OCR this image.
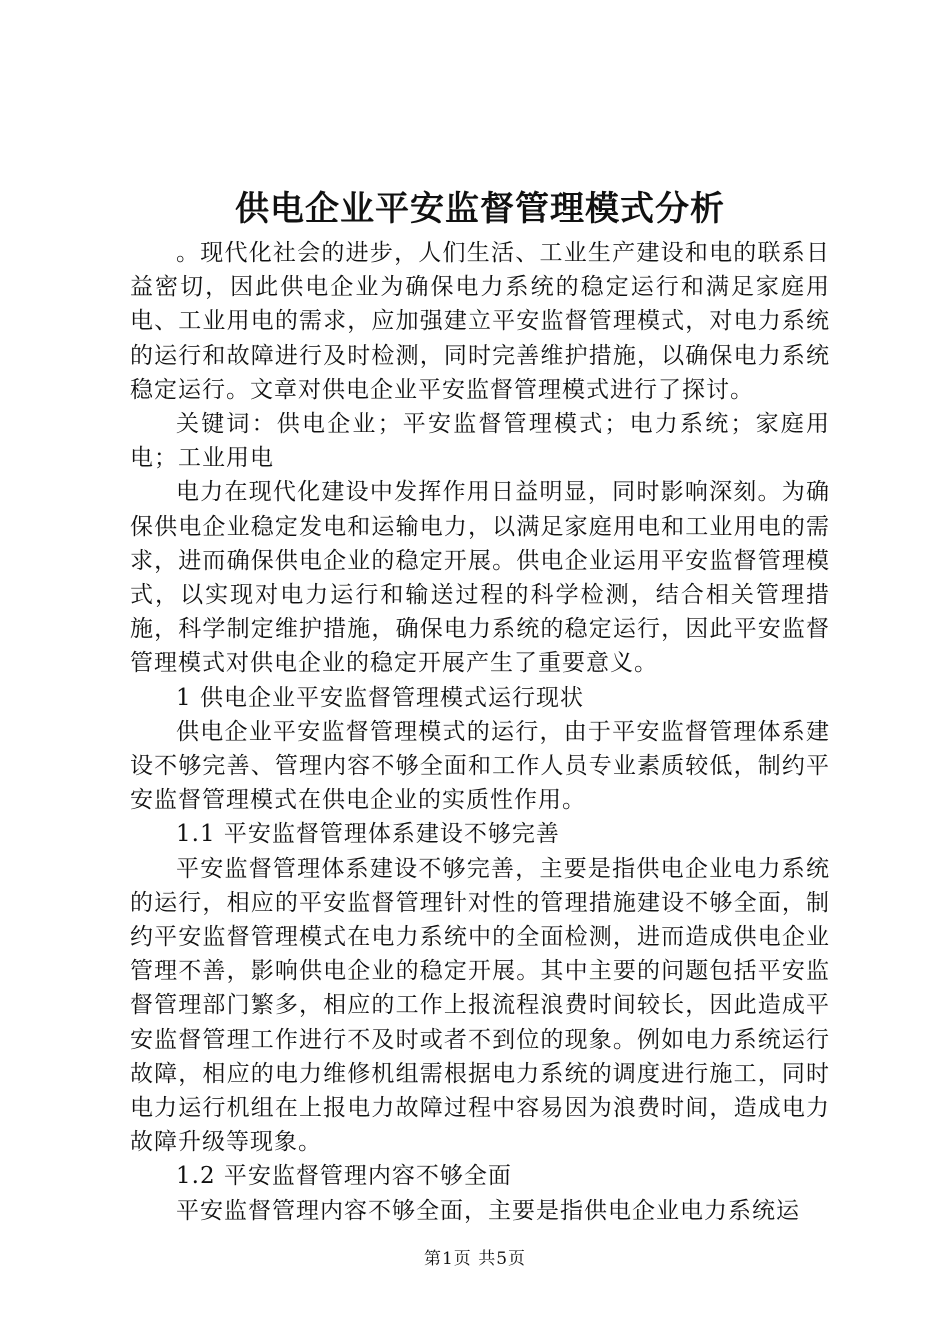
供电企业平安监督管理模式分析

。现代化社会的进步，人们生活、工业生产建设和电的联系日益密切，因此供电企业为确保电力系统的稳定运行和满足家庭用电、工业用电的需求，应加强建立平安监督管理模式，对电力系统的运行和故障进行及时检测，同时完善维护措施，以确保电力系统稳定运行。文章对供电企业平安监督管理模式进行了探讨。

关键词：供电企业；平安监督管理模式；电力系统；家庭用电；工业用电

电力在现代化建设中发挥作用日益明显，同时影响深刻。为确保供电企业稳定发电和运输电力，以满足家庭用电和工业用电的需求，进而确保供电企业的稳定开展。供电企业运用平安监督管理模式，以实现对电力运行和输送过程的科学检测，结合相关管理措施，科学制定维护措施，确保电力系统的稳定运行，因此平安监督管理模式对供电企业的稳定开展产生了重要意义。

1 供电企业平安监督管理模式运行现状

供电企业平安监督管理模式的运行，由于平安监督管理体系建设不够完善、管理内容不够全面和工作人员专业素质较低，制约平安监督管理模式在供电企业的实质性作用。

1.1 平安监督管理体系建设不够完善

平安监督管理体系建设不够完善，主要是指供电企业电力系统的运行，相应的平安监督管理针对性的管理措施建设不够全面，制约平安监督管理模式在电力系统中的全面检测，进而造成供电企业管理不善，影响供电企业的稳定开展。其中主要的问题包括平安监督管理部门繁多，相应的工作上报流程浪费时间较长，因此造成平安监督管理工作进行不及时或者不到位的现象。例如电力系统运行故障，相应的电力维修机组需根据电力系统的调度进行施工，同时电力运行机组在上报电力故障过程中容易因为浪费时间，造成电力故障升级等现象。

1.2 平安监督管理内容不够全面

平安监督管理内容不够全面，主要是指供电企业电力系统运

第1页 共5页
